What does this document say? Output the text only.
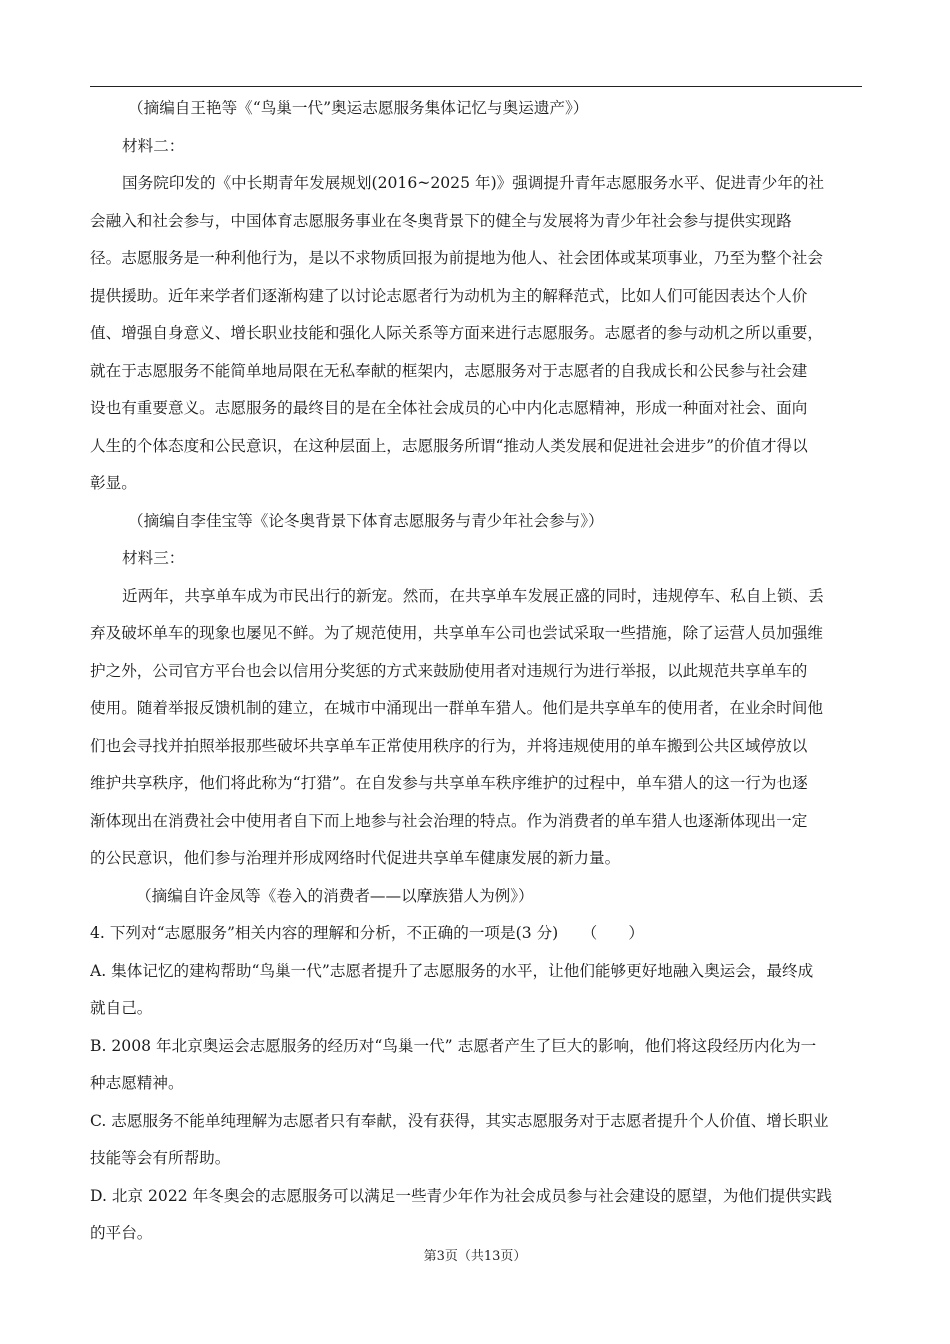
（摘编自王艳等《“鸟巢一代”奥运志愿服务集体记忆与奥运遗产》）
材料二：
国务院印发的《中长期青年发展规划(2016~2025 年)》强调提升青年志愿服务水平、促进青少年的社
会融入和社会参与，中国体育志愿服务事业在冬奥背景下的健全与发展将为青少年社会参与提供实现路
径。志愿服务是一种利他行为，是以不求物质回报为前提地为他人、社会团体或某项事业，乃至为整个社会
提供援助。近年来学者们逐渐构建了以讨论志愿者行为动机为主的解释范式，比如人们可能因表达个人价
值、增强自身意义、增长职业技能和强化人际关系等方面来进行志愿服务。志愿者的参与动机之所以重要，
就在于志愿服务不能简单地局限在无私奉献的框架内，志愿服务对于志愿者的自我成长和公民参与社会建
设也有重要意义。志愿服务的最终目的是在全体社会成员的心中内化志愿精神，形成一种面对社会、面向
人生的个体态度和公民意识，在这种层面上，志愿服务所谓“推动人类发展和促进社会进步”的价值才得以
彰显。
（摘编自李佳宝等《论冬奥背景下体育志愿服务与青少年社会参与》）
材料三：
近两年，共享单车成为市民出行的新宠。然而，在共享单车发展正盛的同时，违规停车、私自上锁、丢
弃及破坏单车的现象也屡见不鲜。为了规范使用，共享单车公司也尝试采取一些措施，除了运营人员加强维
护之外，公司官方平台也会以信用分奖惩的方式来鼓励使用者对违规行为进行举报，以此规范共享单车的
使用。随着举报反馈机制的建立，在城市中涌现出一群单车猎人。他们是共享单车的使用者，在业余时间他
们也会寻找并拍照举报那些破坏共享单车正常使用秩序的行为，并将违规使用的单车搬到公共区域停放以
维护共享秩序，他们将此称为“打猎”。在自发参与共享单车秩序维护的过程中，单车猎人的这一行为也逐
渐体现出在消费社会中使用者自下而上地参与社会治理的特点。作为消费者的单车猎人也逐渐体现出一定
的公民意识，他们参与治理并形成网络时代促进共享单车健康发展的新力量。
（摘编自许金凤等《卷入的消费者——以摩族猎人为例》）
4. 下列对“志愿服务”相关内容的理解和分析，不正确的一项是(3 分)　　（　　）
A. 集体记忆的建构帮助“鸟巢一代”志愿者提升了志愿服务的水平，让他们能够更好地融入奥运会，最终成
就自己。
B. 2008 年北京奥运会志愿服务的经历对“鸟巢一代” 志愿者产生了巨大的影响，他们将这段经历内化为一
种志愿精神。
C. 志愿服务不能单纯理解为志愿者只有奉献，没有获得，其实志愿服务对于志愿者提升个人价值、增长职业
技能等会有所帮助。
D. 北京 2022 年冬奥会的志愿服务可以满足一些青少年作为社会成员参与社会建设的愿望，为他们提供实践
的平台。
第3页（共13页）
